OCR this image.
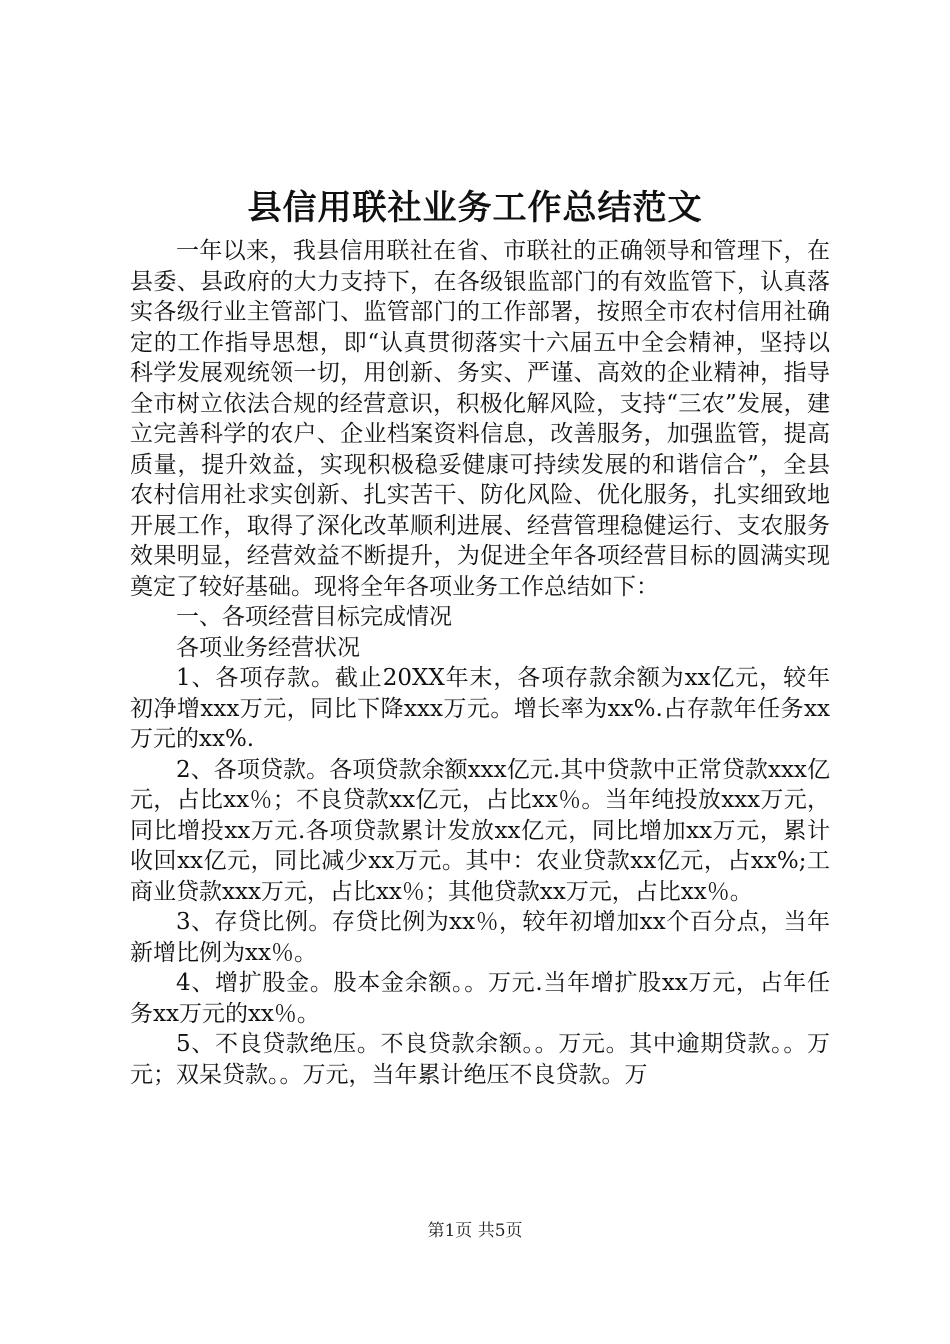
县信用联社业务工作总结范文

一年以来，我县信用联社在省、市联社的正确领导和管理下，在县委、县政府的大力支持下，在各级银监部门的有效监管下，认真落实各级行业主管部门、监管部门的工作部署，按照全市农村信用社确定的工作指导思想，即“认真贯彻落实十六届五中全会精神，坚持以科学发展观统领一切，用创新、务实、严谨、高效的企业精神，指导全市树立依法合规的经营意识，积极化解风险，支持“三农”发展，建立完善科学的农户、企业档案资料信息，改善服务，加强监管，提高质量，提升效益，实现积极稳妥健康可持续发展的和谐信合”，全县农村信用社求实创新、扎实苦干、防化风险、优化服务，扎实细致地开展工作，取得了深化改革顺利进展、经营管理稳健运行、支农服务效果明显，经营效益不断提升，为促进全年各项经营目标的圆满实现奠定了较好基础。现将全年各项业务工作总结如下：

一、各项经营目标完成情况

各项业务经营状况

1、各项存款。截止20XX年末，各项存款余额为xx亿元，较年初净增xxx万元，同比下降xxx万元。增长率为xx%.占存款年任务xx万元的xx%.

2、各项贷款。各项贷款余额xxx亿元.其中贷款中正常贷款xxx亿元，占比xx％；不良贷款xx亿元，占比xx％。当年纯投放xxx万元，同比增投xx万元.各项贷款累计发放xx亿元，同比增加xx万元，累计收回xx亿元，同比减少xx万元。其中：农业贷款xx亿元，占xx%;工商业贷款xxx万元，占比xx％；其他贷款xx万元，占比xx％。

3、存贷比例。存贷比例为xx％，较年初增加xx个百分点，当年新增比例为xx％。

4、增扩股金。股本金余额。。万元.当年增扩股xx万元，占年任务xx万元的xx％。

5、不良贷款绝压。不良贷款余额。。万元。其中逾期贷款。。万元；双呆贷款。。万元，当年累计绝压不良贷款。万

第1页 共5页
